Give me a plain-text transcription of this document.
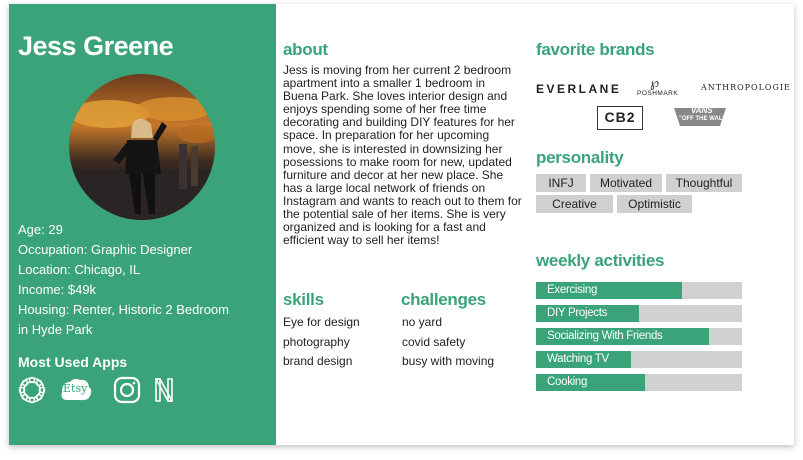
Jess Greene
Age: 29
Occupation: Graphic Designer
Location: Chicago, IL
Income: $49k
Housing: Renter, Historic 2 Bedroom
in Hyde Park
Most Used Apps
Etsy
about
Jess is moving from her current 2 bedroom apartment into a smaller 1 bedroom in Buena Park. She loves interior design and enjoys spending some of her free time decorating and building DIY features for her space. In preparation for her upcoming move, she is interested in downsizing her posessions to make room for new, updated furniture and decor at her new place. She has a large local network of friends on Instagram and wants to reach out to them for the potential sale of her items. She is very organized and is looking for a fast and efficient way to sell her items!
skills
Eye for design
photography
brand design
challenges
no yard
covid safety
busy with moving
favorite brands
EVERLANE ℘
POSHMARK
ANTHROPOLOGIE
CB2	VANS
"OFF THE WALL"
personality
INFJ	Motivated	Thoughtful
Creative	Optimistic
weekly activities
Exercising
DIY Projects
Socializing With Friends
Watching TV
Cooking
